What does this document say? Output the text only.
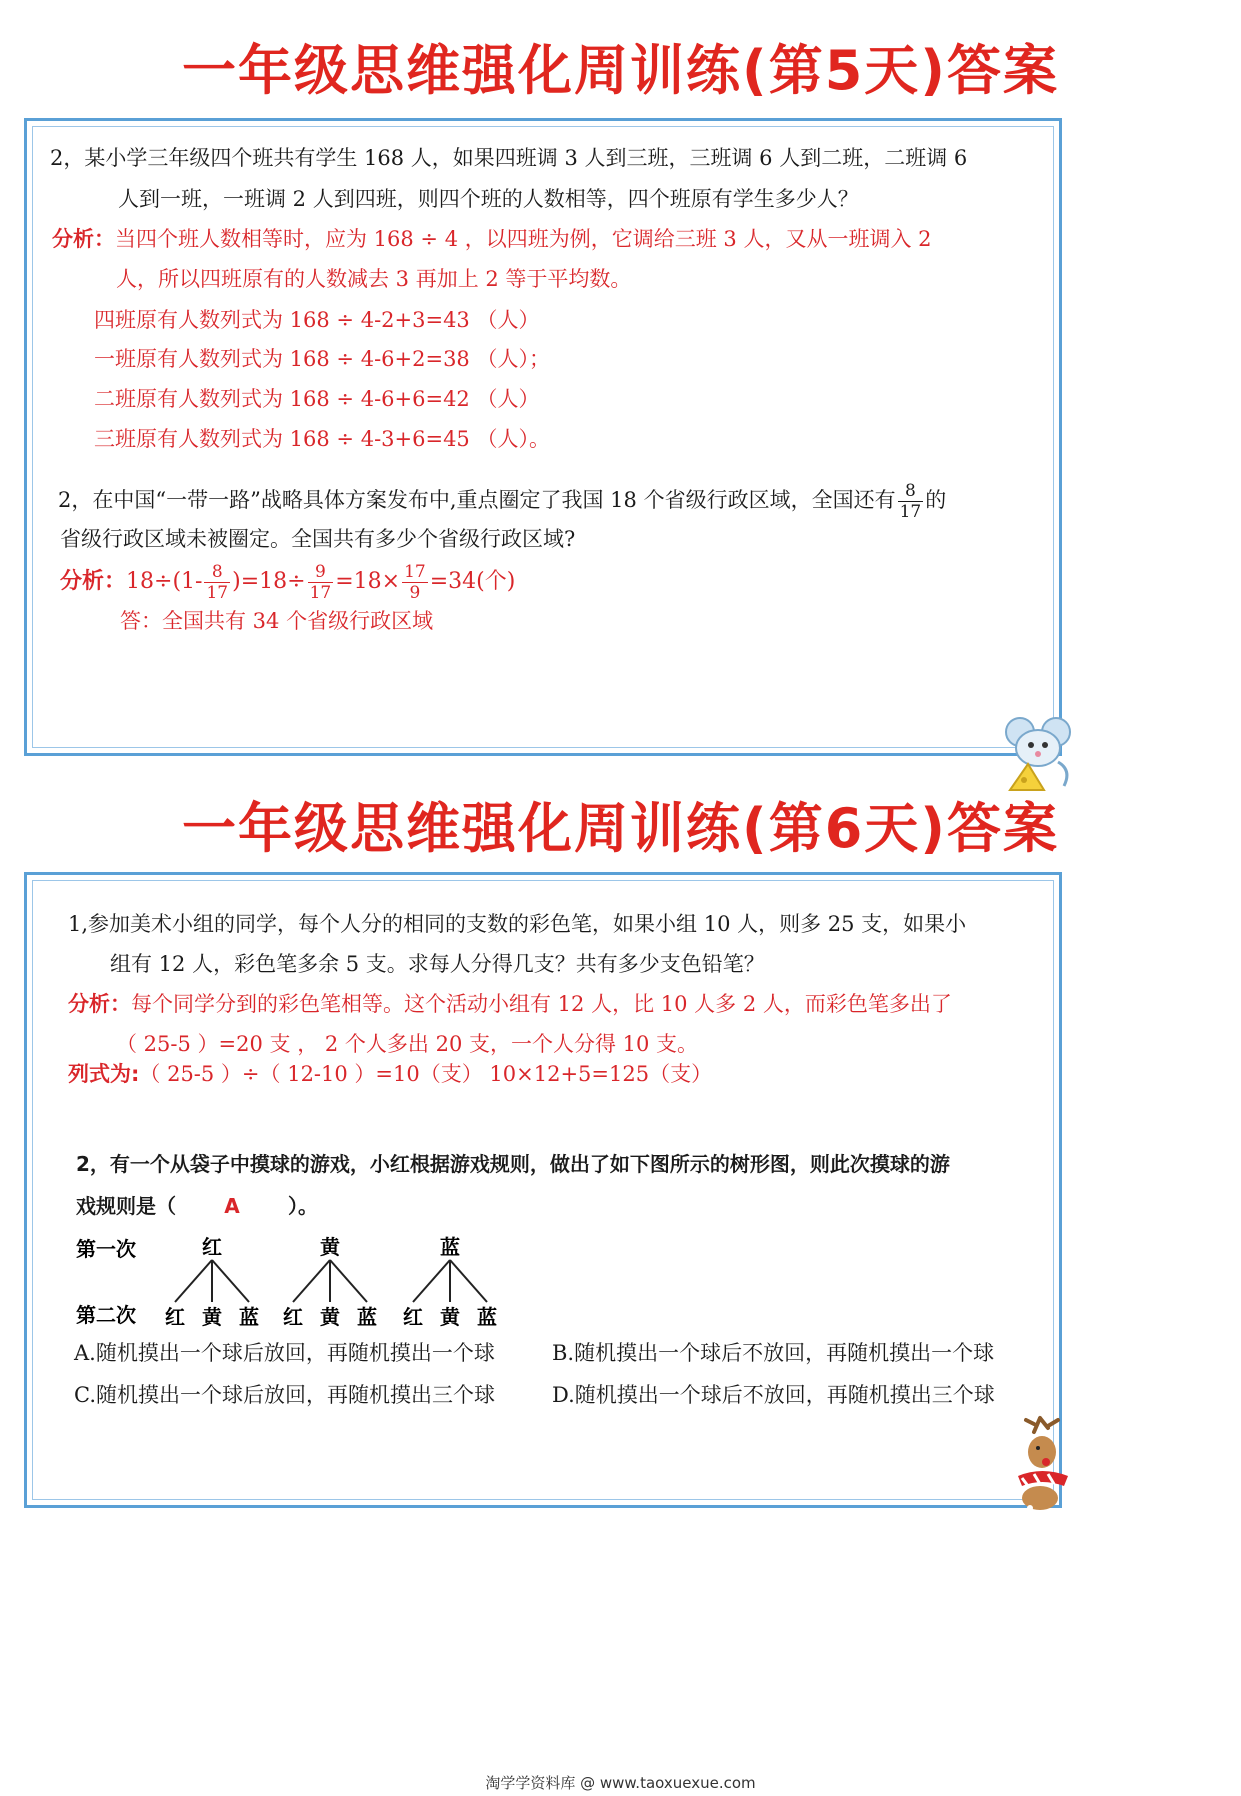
一年级思维强化周训练(第5天)答案
2，某小学三年级四个班共有学生 168 人，如果四班调 3 人到三班，三班调 6 人到二班，二班调 6
人到一班，一班调 2 人到四班，则四个班的人数相等，四个班原有学生多少人？
分析：当四个班人数相等时，应为 168 ÷ 4 ，以四班为例，它调给三班 3 人，又从一班调入 2
人，所以四班原有的人数减去 3 再加上 2 等于平均数。
四班原有人数列式为 168 ÷ 4-2+3=43 （人）
一班原有人数列式为 168 ÷ 4-6+2=38 （人）；
二班原有人数列式为 168 ÷ 4-6+6=42 （人）
三班原有人数列式为 168 ÷ 4-3+6=45 （人）。
2，在中国“一带一路”战略具体方案发布中,重点圈定了我国 18 个省级行政区域，全国还有 $\frac{8}{17}$ 的
省级行政区域未被圈定。全国共有多少个省级行政区域?
分析：$18\div(1- \frac{8}{17} )=18\div \frac{9}{17} =18\times \frac{17}{9} =34$(个)
答：全国共有 34 个省级行政区域
一年级思维强化周训练(第6天)答案
1,参加美术小组的同学，每个人分的相同的支数的彩色笔，如果小组 10 人，则多 25 支，如果小
组有 12 人，彩色笔多余 5 支。求每人分得几支？共有多少支色铅笔？
分析：每个同学分到的彩色笔相等。这个活动小组有 12 人，比 10 人多 2 人，而彩色笔多出了
（ 25-5 ）=20 支 ， 2 个人多出 20 支，一个人分得 10 支。
列式为:（ 25-5 ）÷（ 12-10 ）=10（支） 10×12+5=125（支）
2，有一个从袋子中摸球的游戏，小红根据游戏规则，做出了如下图所示的树形图，则此次摸球的游
戏规则是（ A ）。
第一次
第二次
红
红 黄 蓝
黄
红 黄 蓝
蓝
红 黄 蓝
A.随机摸出一个球后放回，再随机摸出一个球	B.随机摸出一个球后不放回，再随机摸出一个球
C.随机摸出一个球后放回，再随机摸出三个球	D.随机摸出一个球后不放回，再随机摸出三个球
淘学学资料库 @ www.taoxuexue.com
